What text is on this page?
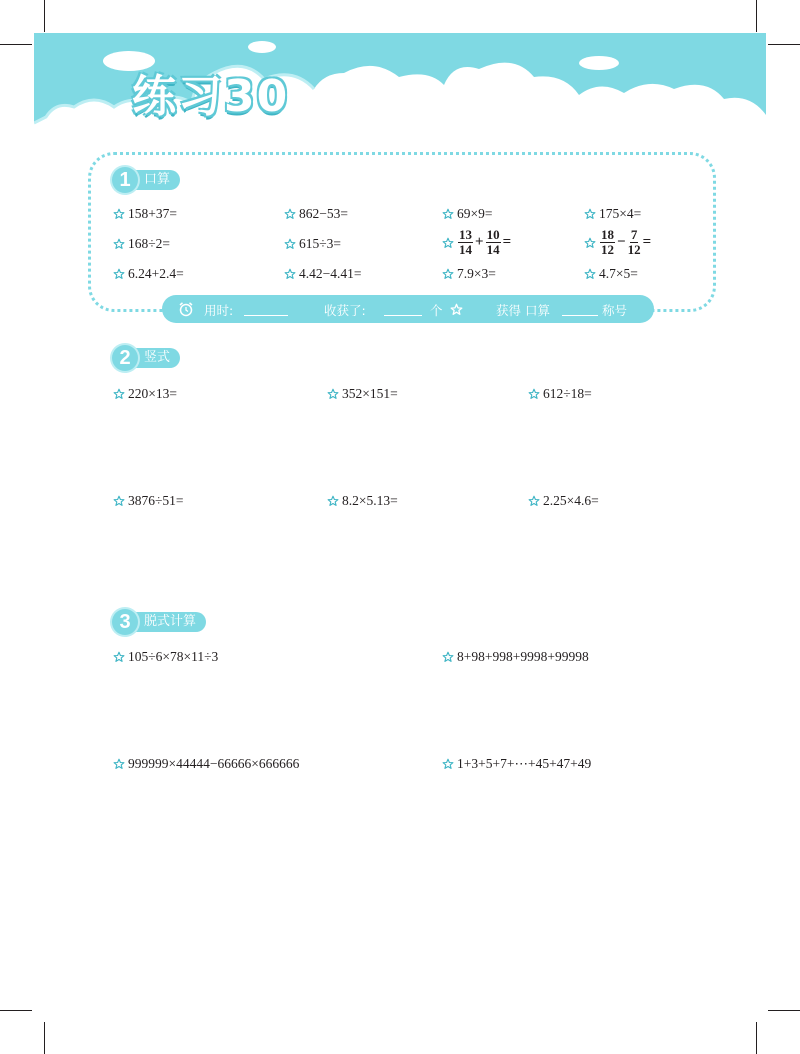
练习30
1	口算
158+37=	862−53=	69×9=	175×4=
168÷2=	615÷3=	$\frac{13}{14} + \frac{10}{14}$ =	$\frac{18}{12} - \frac{7}{12}$ =
6.24+2.4=	4.42−4.41=	7.9×3=	4.7×5=
用时:	收获了:	个	获得 口算	称号
2	竖式
220×13=	352×151=	612÷18=
3876÷51=	8.2×5.13=	2.25×4.6=
3	脱式计算
105÷6×78×11÷3	8+98+998+9998+99998
999999×44444−66666×666666	1+3+5+7+⋯+45+47+49
